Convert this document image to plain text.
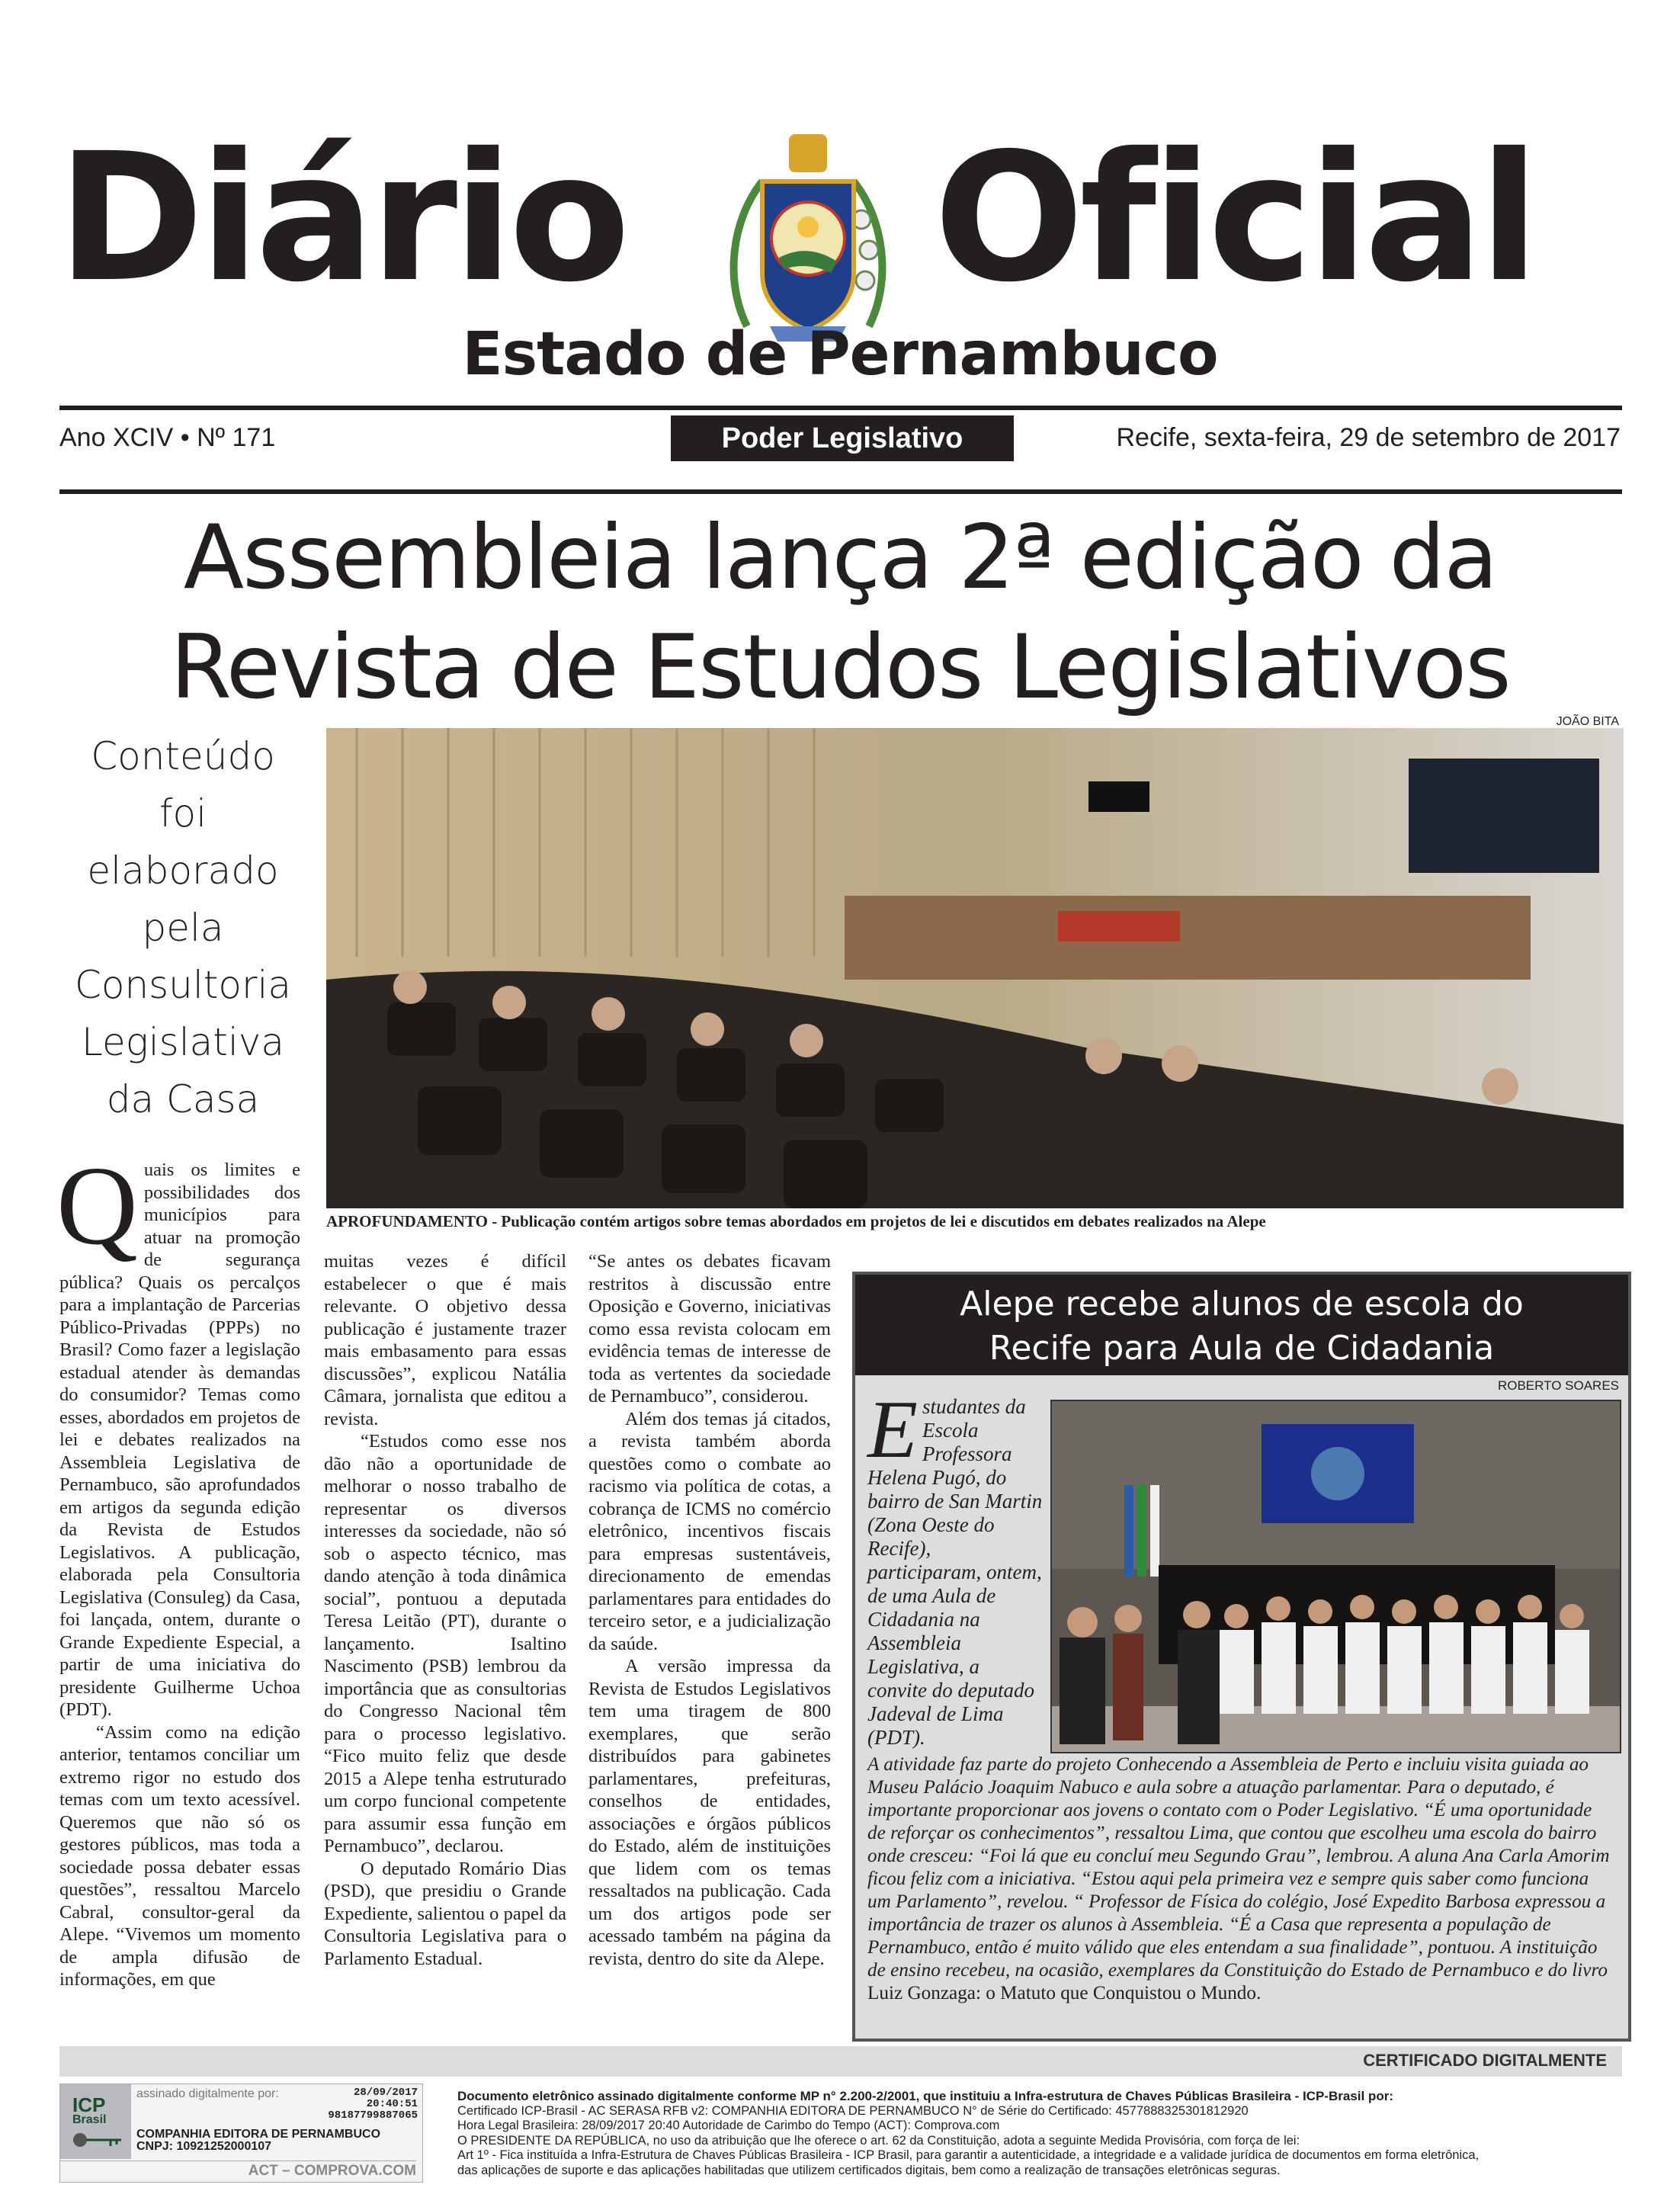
Diário Oficial
Estado de Pernambuco
Ano XCIV • Nº 171	Poder Legislativo	Recife, sexta-feira, 29 de setembro de 2017
Assembleia lança 2ª edição da
Revista de Estudos Legislativos
Conteúdo
foi
elaborado
pela
Consultoria
Legislativa
da Casa
JOÃO BITA
APROFUNDAMENTO - Publicação contém artigos sobre temas abordados em projetos de lei e discutidos em debates realizados na Alepe
Q uais os limites e possibilidades dos municípios para atuar na promoção de segurança pública? Quais os percalços para a implantação de Parcerias Público-Privadas (PPPs) no Brasil? Como fazer a legislação estadual atender às demandas do consumidor? Temas como esses, abordados em projetos de lei e debates realizados na Assembleia Legislativa de Pernambuco, são aprofundados em artigos da segunda edição da Revista de Estudos Legislativos. A publicação, elaborada pela Consultoria Legislativa (Consuleg) da Casa, foi lançada, ontem, durante o Grande Expediente Especial, a partir de uma iniciativa do presidente Guilherme Uchoa (PDT).

“Assim como na edição anterior, tentamos conciliar um extremo rigor no estudo dos temas com um texto acessível. Queremos que não só os gestores públicos, mas toda a sociedade possa debater essas questões”, ressaltou Marcelo Cabral, consultor-geral da Alepe. “Vivemos um momento de ampla difusão de informações, em que

muitas vezes é difícil estabelecer o que é mais relevante. O objetivo dessa publicação é justamente trazer mais embasamento para essas discussões”, explicou Natália Câmara, jornalista que editou a revista.

“Estudos como esse nos dão não a oportunidade de melhorar o nosso trabalho de representar os diversos interesses da sociedade, não só sob o aspecto técnico, mas dando atenção à toda dinâmica social”, pontuou a deputada Teresa Leitão (PT), durante o lançamento. Isaltino Nascimento (PSB) lembrou da importância que as consultorias do Congresso Nacional têm para o processo legislativo. “Fico muito feliz que desde 2015 a Alepe tenha estruturado um corpo funcional competente para assumir essa função em Pernambuco”, declarou.

O deputado Romário Dias (PSD), que presidiu o Grande Expediente, salientou o papel da Consultoria Legislativa para o Parlamento Estadual.

“Se antes os debates ficavam restritos à discussão entre Oposição e Governo, iniciativas como essa revista colocam em evidência temas de interesse de toda as vertentes da sociedade de Pernambuco”, considerou.

Além dos temas já citados, a revista também aborda questões como o combate ao racismo via política de cotas, a cobrança de ICMS no comércio eletrônico, incentivos fiscais para empresas sustentáveis, direcionamento de emendas parlamentares para entidades do terceiro setor, e a judicialização da saúde.

A versão impressa da Revista de Estudos Legislativos tem uma tiragem de 800 exemplares, que serão distribuídos para gabinetes parlamentares, prefeituras, conselhos de entidades, associações e órgãos públicos do Estado, além de instituições que lidem com os temas ressaltados na publicação. Cada um dos artigos pode ser acessado também na página da revista, dentro do site da Alepe.

Alepe recebe alunos de escola do
Recife para Aula de Cidadania
ROBERTO SOARES
Estudantes da Escola Professora Helena Pugó, do bairro de San Martin (Zona Oeste do Recife), participaram, ontem, de uma Aula de Cidadania na Assembleia Legislativa, a convite do deputado Jadeval de Lima (PDT).
A atividade faz parte do projeto Conhecendo a Assembleia de Perto e incluiu visita guiada ao Museu Palácio Joaquim Nabuco e aula sobre a atuação parlamentar. Para o deputado, é importante proporcionar aos jovens o contato com o Poder Legislativo. “É uma oportunidade de reforçar os conhecimentos”, ressaltou Lima, que contou que escolheu uma escola do bairro onde cresceu: “Foi lá que eu concluí meu Segundo Grau”, lembrou. A aluna Ana Carla Amorim ficou feliz com a iniciativa. “Estou aqui pela primeira vez e sempre quis saber como funciona um Parlamento”, revelou. “ Professor de Física do colégio, José Expedito Barbosa expressou a importância de trazer os alunos à Assembleia. “É a Casa que representa a população de Pernambuco, então é muito válido que eles entendam a sua finalidade”, pontuou. A instituição de ensino recebeu, na ocasião, exemplares da Constituição do Estado de Pernambuco e do livro Luiz Gonzaga: o Matuto que Conquistou o Mundo.
CERTIFICADO DIGITALMENTE
ICP
Brasil
assinado digitalmente por:	28/09/2017
20:40:51
98187799887065
COMPANHIA EDITORA DE PERNAMBUCO
CNPJ: 10921252000107
ACT – COMPROVA.COM
Documento eletrônico assinado digitalmente conforme MP n° 2.200-2/2001, que instituiu a Infra-estrutura de Chaves Públicas Brasileira - ICP-Brasil por:
Certificado ICP-Brasil - AC SERASA RFB v2: COMPANHIA EDITORA DE PERNAMBUCO N° de Série do Certificado: 4577888325301812920
Hora Legal Brasileira: 28/09/2017 20:40 Autoridade de Carimbo do Tempo (ACT): Comprova.com
O PRESIDENTE DA REPÚBLICA, no uso da atribuição que lhe oferece o art. 62 da Constituição, adota a seguinte Medida Provisória, com força de lei:
Art 1º - Fica instituída a Infra-Estrutura de Chaves Públicas Brasileira - ICP Brasil, para garantir a autenticidade, a integridade e a validade jurídica de documentos em forma eletrônica,
das aplicações de suporte e das aplicações habilitadas que utilizem certificados digitais, bem como a realização de transações eletrônicas seguras.
